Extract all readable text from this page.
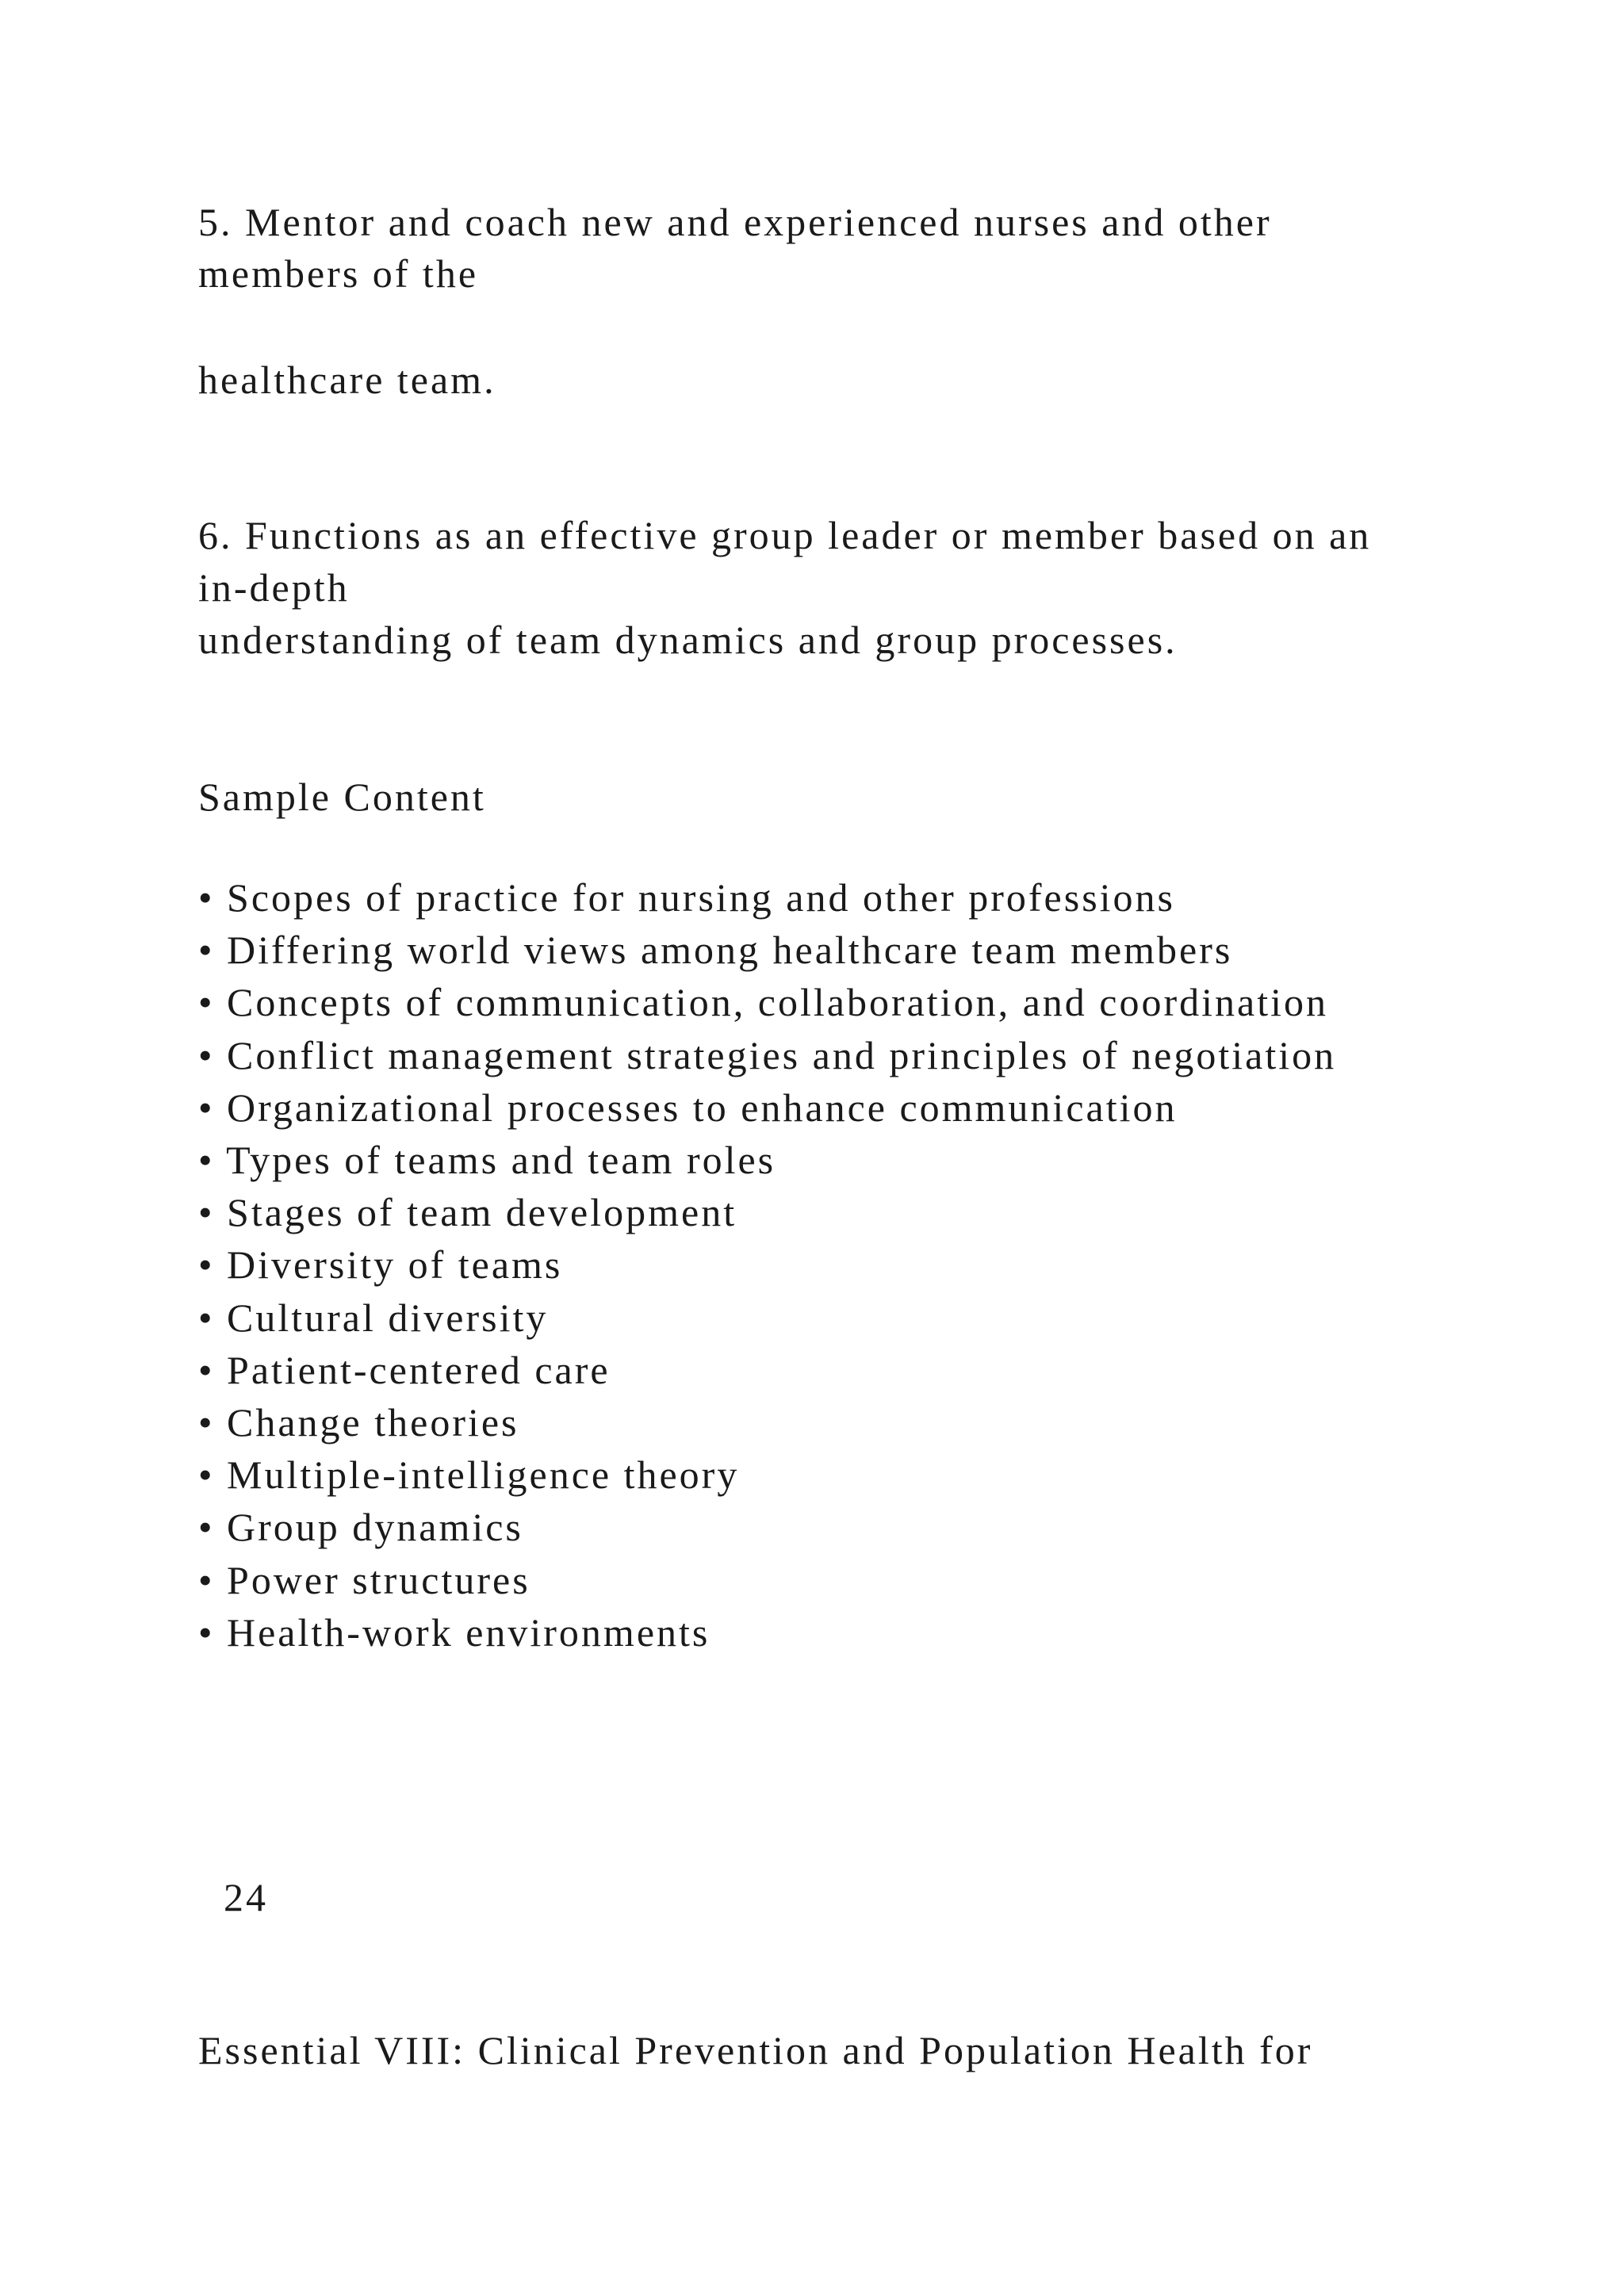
5. Mentor and coach new and experienced nurses and other
members of the
healthcare team.
6. Functions as an effective group leader or member based on an
in-depth
understanding of team dynamics and group processes.
Sample Content
• Scopes of practice for nursing and other professions
• Differing world views among healthcare team members
• Concepts of communication, collaboration, and coordination
• Conflict management strategies and principles of negotiation
• Organizational processes to enhance communication
• Types of teams and team roles
• Stages of team development
• Diversity of teams
• Cultural diversity
• Patient-centered care
• Change theories
• Multiple-intelligence theory
• Group dynamics
• Power structures
• Health-work environments
24
Essential VIII: Clinical Prevention and Population Health for
